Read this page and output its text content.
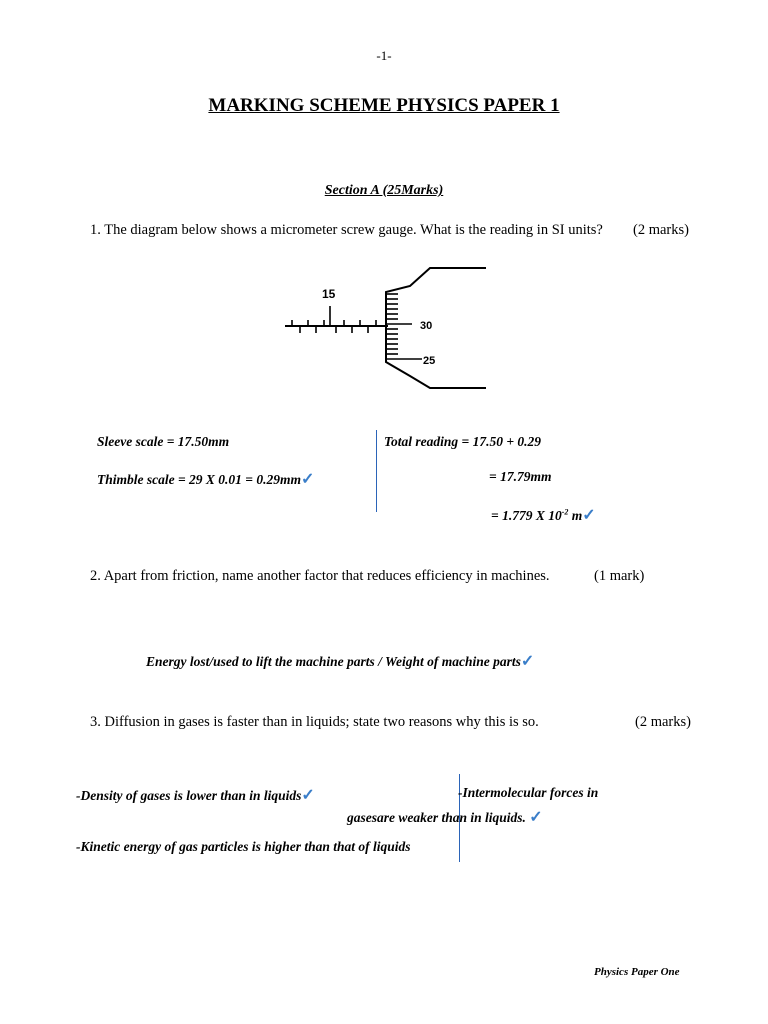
-1-
MARKING SCHEME PHYSICS PAPER 1
Section A (25Marks)
1. The diagram below shows a micrometer screw gauge. What is the reading in SI units? (2 marks)
15
30
25
Sleeve scale = 17.50mm
Thimble scale = 29 X 0.01 = 0.29mm✓
Total reading = 17.50 + 0.29
= 17.79mm
= 1.779 X $10^{-2}$ m✓
2. Apart from friction, name another factor that reduces efficiency in machines.	(1 mark)
Energy lost/used to lift the machine parts / Weight of machine parts✓
3. Diffusion in gases is faster than in liquids; state two reasons why this is so.	(2 marks)
-Density of gases is lower than in liquids✓	-Intermolecular forces in
gasesare weaker than in liquids. ✓
-Kinetic energy of gas particles is higher than that of liquids
Physics Paper One
